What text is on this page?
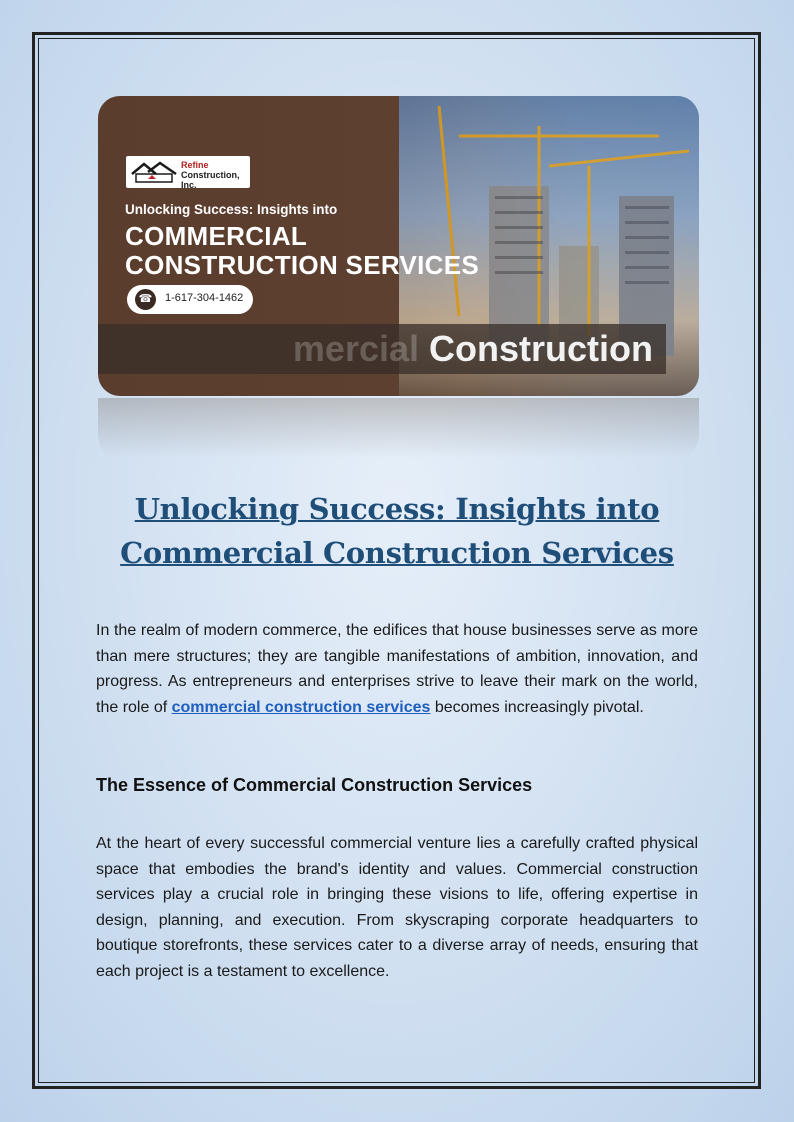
Refine
Construction, Inc.
Unlocking Success: Insights into
COMMERCIAL
CONSTRUCTION SERVICES
☎	1-617-304-1462
mercial Construction
Unlocking Success: Insights into Commercial Construction Services

In the realm of modern commerce, the edifices that house businesses serve as more than mere structures; they are tangible manifestations of ambition, innovation, and progress. As entrepreneurs and enterprises strive to leave their mark on the world, the role of commercial construction services becomes increasingly pivotal.

The Essence of Commercial Construction Services

At the heart of every successful commercial venture lies a carefully crafted physical space that embodies the brand's identity and values. Commercial construction services play a crucial role in bringing these visions to life, offering expertise in design, planning, and execution. From skyscraping corporate headquarters to boutique storefronts, these services cater to a diverse array of needs, ensuring that each project is a testament to excellence.
